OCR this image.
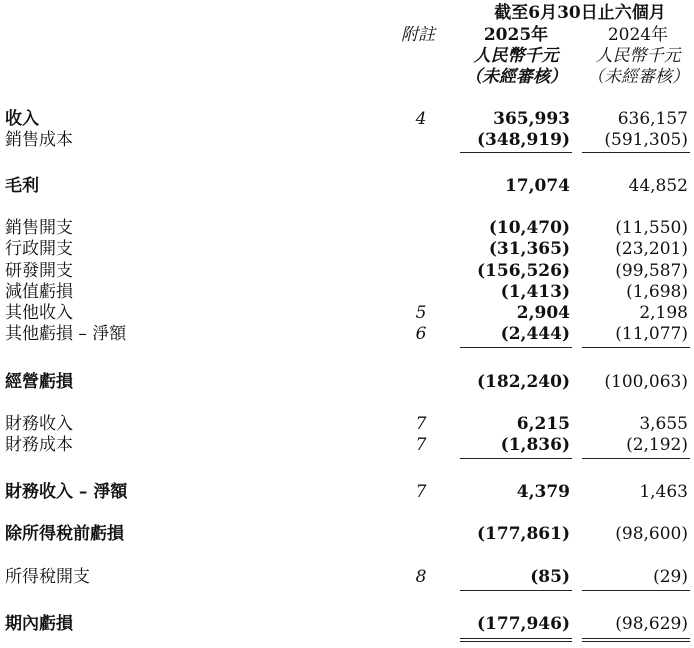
截至6月30日止六個月
附註	2025年
人民幣千元
（未經審核）
2024年
人民幣千元
（未經審核）
收入	4	365,993	636,157
銷售成本	(348,919) (591,305)
毛利	17,074	44,852
銷售開支	(10,470)	(11,550)
行政開支	(31,365)	(23,201)
研發開支	(156,526)	(99,587)
減值虧損	(1,413)	(1,698)
其他收入	5	2,904	2,198
其他虧損 – 淨額	6	(2,444)	(11,077)
經營虧損	(182,240) (100,063)
財務收入	7	6,215	3,655
財務成本	7	(1,836)	(2,192)
財務收入 – 淨額	7	4,379	1,463
除所得稅前虧損	(177,861)	(98,600)
所得稅開支	8	(85)	(29)
期內虧損	(177,946)	(98,629)
